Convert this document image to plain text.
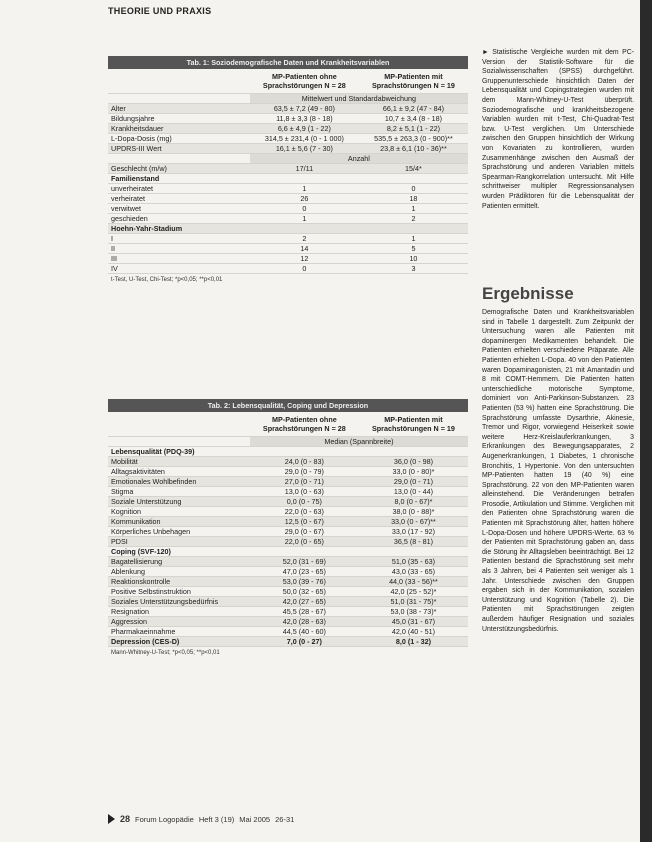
THEORIE UND PRAXIS
Tab. 1: Soziodemografische Daten und Krankheitsvariablen
MP-Patienten ohne Sprachstörungen N = 28
MP-Patienten mit Sprachstörungen N = 19
Mittelwert und Standardabweichung
Alter	63,5 ± 7,2 (49 - 80)	66,1 ± 9,2 (47 - 84)
Bildungsjahre	11,8 ± 3,3 (8 - 18)	10,7 ± 3,4 (8 - 18)
Krankheitsdauer	6,6 ± 4,9 (1 - 22)	8,2 ± 5,1 (1 - 22)
L-Dopa-Dosis (mg)	314,5 ± 231,4 (0 - 1 000)	535,5 ± 263,3 (0 - 900)**
UPDRS-III Wert	16,1 ± 5,6 (7 - 30)	23,8 ± 6,1 (10 - 36)**
Anzahl
Geschlecht (m/w)	17/11	15/4*
Familienstand
unverheiratet	1	0
verheiratet	26	18
verwitwet	0	1
geschieden	1	2
Hoehn-Yahr-Stadium
I	2	1
II	14	5
III	12	10
IV	0	3
t-Test, U-Test, Chi-Test; *p<0,05; **p<0,01
Tab. 2: Lebensqualität, Coping und Depression
MP-Patienten ohne Sprachstörungen N = 28
MP-Patienten mit Sprachstörungen N = 19
Median (Spannbreite)
Lebensqualität (PDQ-39)
Mobilität	24,0 (0 - 83)	36,0 (0 - 98)
Alltagsaktivitäten	29,0 (0 - 79)	33,0 (0 - 80)*
Emotionales Wohlbefinden	27,0 (0 - 71)	29,0 (0 - 71)
Stigma	13,0 (0 - 63)	13,0 (0 - 44)
Soziale Unterstützung	0,0 (0 - 75)	8,0 (0 - 67)*
Kognition	22,0 (0 - 63)	38,0 (0 - 88)*
Kommunikation	12,5 (0 - 67)	33,0 (0 - 67)**
Körperliches Unbehagen	29,0 (0 - 67)	33,0 (17 - 92)
PDSI	22,0 (0 - 65)	36,5 (8 - 81)
Coping (SVF-120)
Bagatellisierung	52,0 (31 - 69)	51,0 (35 - 63)
Ablenkung	47,0 (23 - 65)	43,0 (33 - 65)
Reaktionskontrolle	53,0 (39 - 76)	44,0 (33 - 56)**
Positive Selbstinstruktion	50,0 (32 - 65)	42,0 (25 - 52)*
Soziales Unterstützungsbedürfnis	42,0 (27 - 65)	51,0 (31 - 75)*
Resignation	45,5 (28 - 67)	53,0 (38 - 73)*
Aggression	42,0 (28 - 63)	45,0 (31 - 67)
Pharmakaeinnahme	44,5 (40 - 60)	42,0 (40 - 51)
Depression (CES-D)	7,0 (0 - 27)	8,0 (1 - 32)
Mann-Whitney-U-Test; *p<0,05; **p<0,01

► Statistische Vergleiche wurden mit dem PC-Version der Statistik-Software für die Sozialwissenschaften (SPSS) durchgeführt. Gruppenunterschiede hinsichtlich Daten der Lebensqualität und Copingstrategien wurden mit dem Mann-Whitney-U-Test überprüft. Soziodemografische und krankheitsbezogene Variablen wurden mit t-Test, Chi-Quadrat-Test bzw. U-Test verglichen. Um Unterschiede zwischen den Gruppen hinsichtlich der Wirkung von Kovariaten zu kontrollieren, wurden Zusammenhänge zwischen den Ausmaß der Sprachstörung und anderen Variablen mittels Spearman-Rangkorrelation untersucht. Mit Hilfe schrittweiser multipler Regressionsanalysen wurden Prädiktoren für die Lebensqualität der Patienten ermittelt.

Ergebnisse

Demografische Daten und Krankheitsvariablen sind in Tabelle 1 dargestellt. Zum Zeitpunkt der Untersuchung waren alle Patienten mit dopaminergen Medikamenten behandelt. Die Patienten erhielten verschiedene Präparate. Alle Patienten erhielten L-Dopa. 40 von den Patienten waren Dopaminagonisten, 21 mit Amantadin und 8 mit COMT-Hemmern. Die Patienten hatten unterschiedliche motorische Symptome, dominiert von Anti-Parkinson-Substanzen. 23 Patienten (53 %) hatten eine Sprachstörung. Die Sprachstörung umfasste Dysarthrie, Akinesie, Tremor und Rigor, vorwiegend Heiserkeit sowie weitere Herz-Kreislauferkrankungen, 3 Erkrankungen des Bewegungsapparates, 2 Augenerkrankungen, 1 Diabetes, 1 chronische Bronchitis, 1 Hypertonie. Von den untersuchten MP-Patienten hatten 19 (40 %) eine Sprachstörung. 22 von den MP-Patienten waren alleinstehend. Die Veränderungen betrafen Prosodie, Artikulation und Stimme. Verglichen mit den Patienten ohne Sprachstörung waren die Patienten mit Sprachstörung älter, hatten höhere L-Dopa-Dosen und höhere UPDRS-Werte. 63 % der Patienten mit Sprachstörung gaben an, dass die Störung ihr Alltagsleben beeinträchtigt. Bei 12 Patienten bestand die Sprachstörung seit mehr als 3 Jahren, bei 4 Patienten seit weniger als 1 Jahr. Unterschiede zwischen den Gruppen ergaben sich in der Kommunikation, sozialen Unterstützung und Kognition (Tabelle 2). Die Patienten mit Sprachstörungen zeigten außerdem häufiger Resignation und soziales Unterstützungsbedürfnis.

28 Forum Logopädie Heft 3 (19) Mai 2005 26-31
